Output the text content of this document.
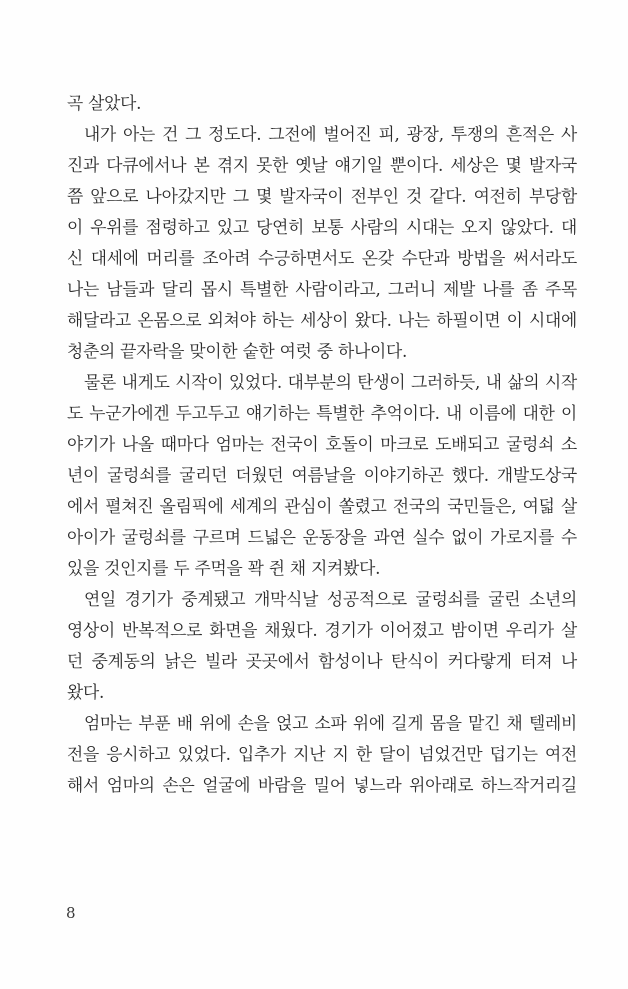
곡 살았다.
내가 아는 건 그 정도다. 그전에 벌어진 피, 광장, 투쟁의 흔적은 사
진과 다큐에서나 본 겪지 못한 옛날 얘기일 뿐이다. 세상은 몇 발자국
쯤 앞으로 나아갔지만 그 몇 발자국이 전부인 것 같다. 여전히 부당함
이 우위를 점령하고 있고 당연히 보통 사람의 시대는 오지 않았다. 대
신 대세에 머리를 조아려 수긍하면서도 온갖 수단과 방법을 써서라도
나는 남들과 달리 몹시 특별한 사람이라고, 그러니 제발 나를 좀 주목
해달라고 온몸으로 외쳐야 하는 세상이 왔다. 나는 하필이면 이 시대에
청춘의 끝자락을 맞이한 숱한 여럿 중 하나이다.
물론 내게도 시작이 있었다. 대부분의 탄생이 그러하듯, 내 삶의 시작
도 누군가에겐 두고두고 얘기하는 특별한 추억이다. 내 이름에 대한 이
야기가 나올 때마다 엄마는 전국이 호돌이 마크로 도배되고 굴렁쇠 소
년이 굴렁쇠를 굴리던 더웠던 여름날을 이야기하곤 했다. 개발도상국
에서 펼쳐진 올림픽에 세계의 관심이 쏠렸고 전국의 국민들은, 여덟 살
아이가 굴렁쇠를 구르며 드넓은 운동장을 과연 실수 없이 가로지를 수
있을 것인지를 두 주먹을 꽉 쥔 채 지켜봤다.
연일 경기가 중계됐고 개막식날 성공적으로 굴렁쇠를 굴린 소년의
영상이 반복적으로 화면을 채웠다. 경기가 이어졌고 밤이면 우리가 살
던 중계동의 낡은 빌라 곳곳에서 함성이나 탄식이 커다랗게 터져 나
왔다.
엄마는 부푼 배 위에 손을 얹고 소파 위에 길게 몸을 맡긴 채 텔레비
전을 응시하고 있었다. 입추가 지난 지 한 달이 넘었건만 덥기는 여전
해서 엄마의 손은 얼굴에 바람을 밀어 넣느라 위아래로 하느작거리길
8
